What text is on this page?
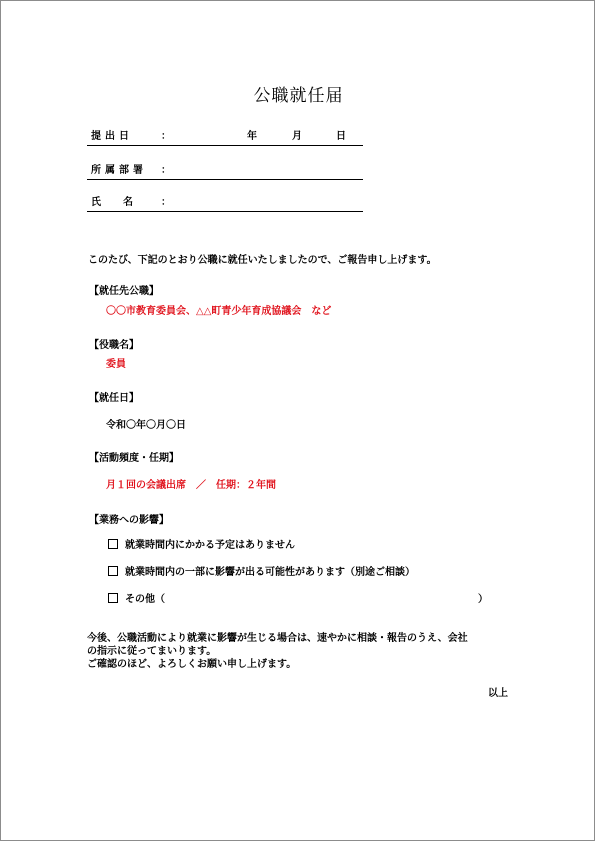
公職就任届
提出日	：	年	月	日
所属部署 ：
氏　名 ：
このたび、下記のとおり公職に就任いたしましたので、ご報告申し上げます。
【就任先公職】
〇〇市教育委員会、△△町青少年育成協議会　など
【役職名】
委員
【就任日】
令和〇年〇月〇日
【活動頻度・任期】
月１回の会議出席　／　任期：２年間
【業務への影響】
就業時間内にかかる予定はありません
就業時間内の一部に影響が出る可能性があります（別途ご相談）
その他（	）
今後、公職活動により就業に影響が生じる場合は、速やかに相談・報告のうえ、会社
の指示に従ってまいります。
ご確認のほど、よろしくお願い申し上げます。
以上
